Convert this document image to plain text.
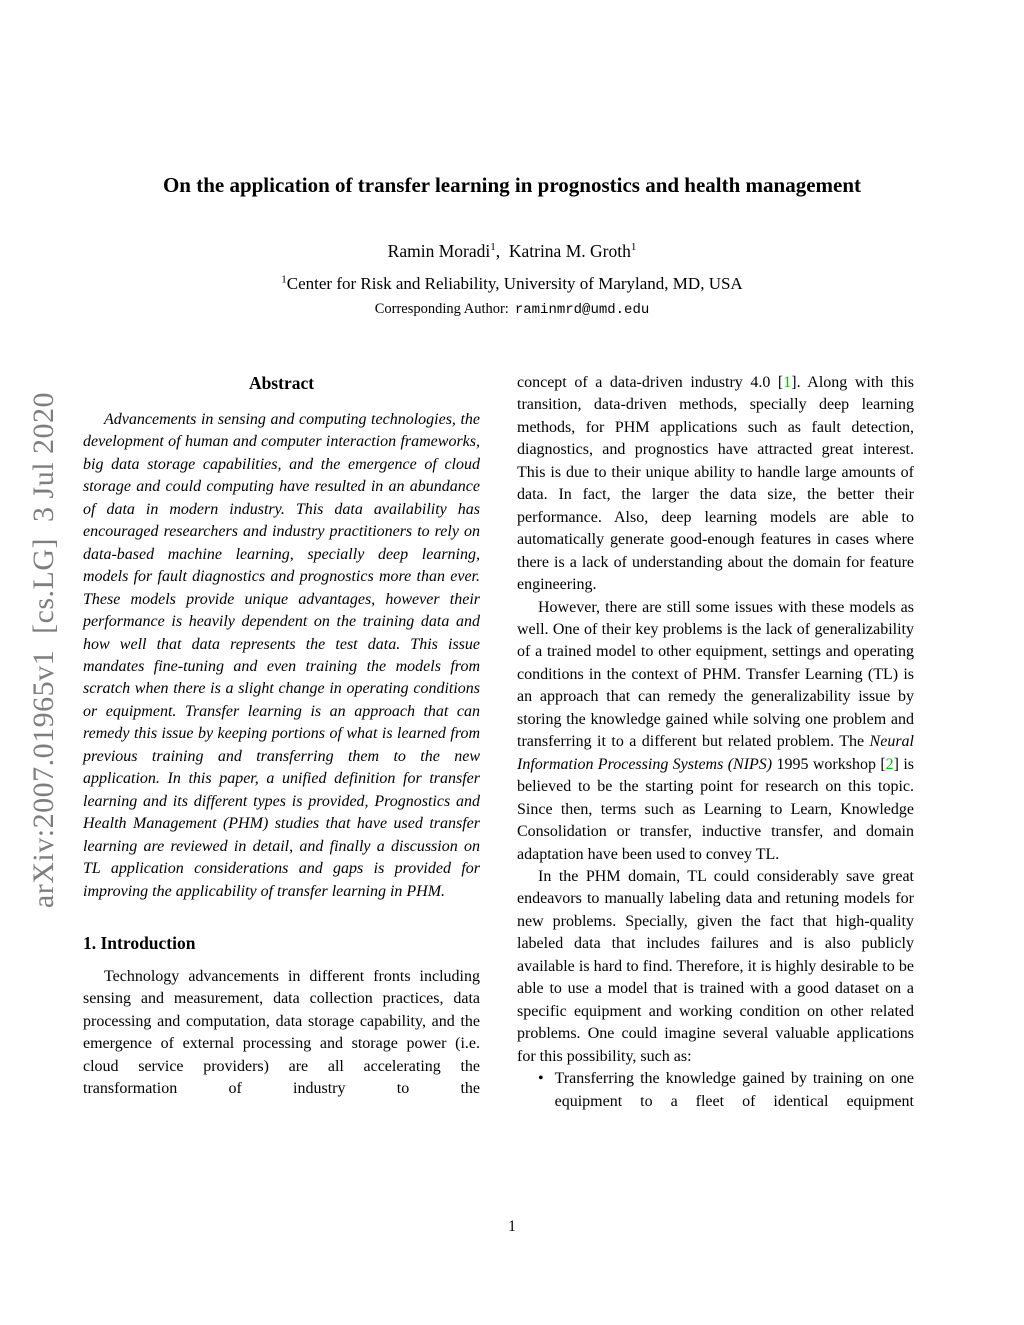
arXiv:2007.01965v1  [cs.LG]  3 Jul 2020
On the application of transfer learning in prognostics and health management
Ramin Moradi$^1$, Katrina M. Groth$^1$
$^1$Center for Risk and Reliability, University of Maryland, MD, USA
Corresponding Author: raminmrd@umd.edu
Abstract

Advancements in sensing and computing technologies, the development of human and computer interaction frameworks, big data storage capabilities, and the emergence of cloud storage and could computing have resulted in an abundance of data in modern industry. This data availability has encouraged researchers and industry practitioners to rely on data-based machine learning, specially deep learning, models for fault diagnostics and prognostics more than ever. These models provide unique advantages, however their performance is heavily dependent on the training data and how well that data represents the test data. This issue mandates fine-tuning and even training the models from scratch when there is a slight change in operating conditions or equipment. Transfer learning is an approach that can remedy this issue by keeping portions of what is learned from previous training and transferring them to the new application. In this paper, a unified definition for transfer learning and its different types is provided, Prognostics and Health Management (PHM) studies that have used transfer learning are reviewed in detail, and finally a discussion on TL application considerations and gaps is provided for improving the applicability of transfer learning in PHM.

1. Introduction

Technology advancements in different fronts including sensing and measurement, data collection practices, data processing and computation, data storage capability, and the emergence of external processing and storage power (i.e. cloud service providers) are all accelerating the transformation of industry to the

concept of a data-driven industry 4.0 [1]. Along with this transition, data-driven methods, specially deep learning methods, for PHM applications such as fault detection, diagnostics, and prognostics have attracted great interest. This is due to their unique ability to handle large amounts of data. In fact, the larger the data size, the better their performance. Also, deep learning models are able to automatically generate good-enough features in cases where there is a lack of understanding about the domain for feature engineering.

However, there are still some issues with these models as well. One of their key problems is the lack of generalizability of a trained model to other equipment, settings and operating conditions in the context of PHM. Transfer Learning (TL) is an approach that can remedy the generalizability issue by storing the knowledge gained while solving one problem and transferring it to a different but related problem. The Neural Information Processing Systems (NIPS) 1995 workshop [2] is believed to be the starting point for research on this topic. Since then, terms such as Learning to Learn, Knowledge Consolidation or transfer, inductive transfer, and domain adaptation have been used to convey TL.

In the PHM domain, TL could considerably save great endeavors to manually labeling data and retuning models for new problems. Specially, given the fact that high-quality labeled data that includes failures and is also publicly available is hard to find. Therefore, it is highly desirable to be able to use a model that is trained with a good dataset on a specific equipment and working condition on other related problems. One could imagine several valuable applications for this possibility, such as:

• Transferring the knowledge gained by training on one equipment to a fleet of identical equipment
1
